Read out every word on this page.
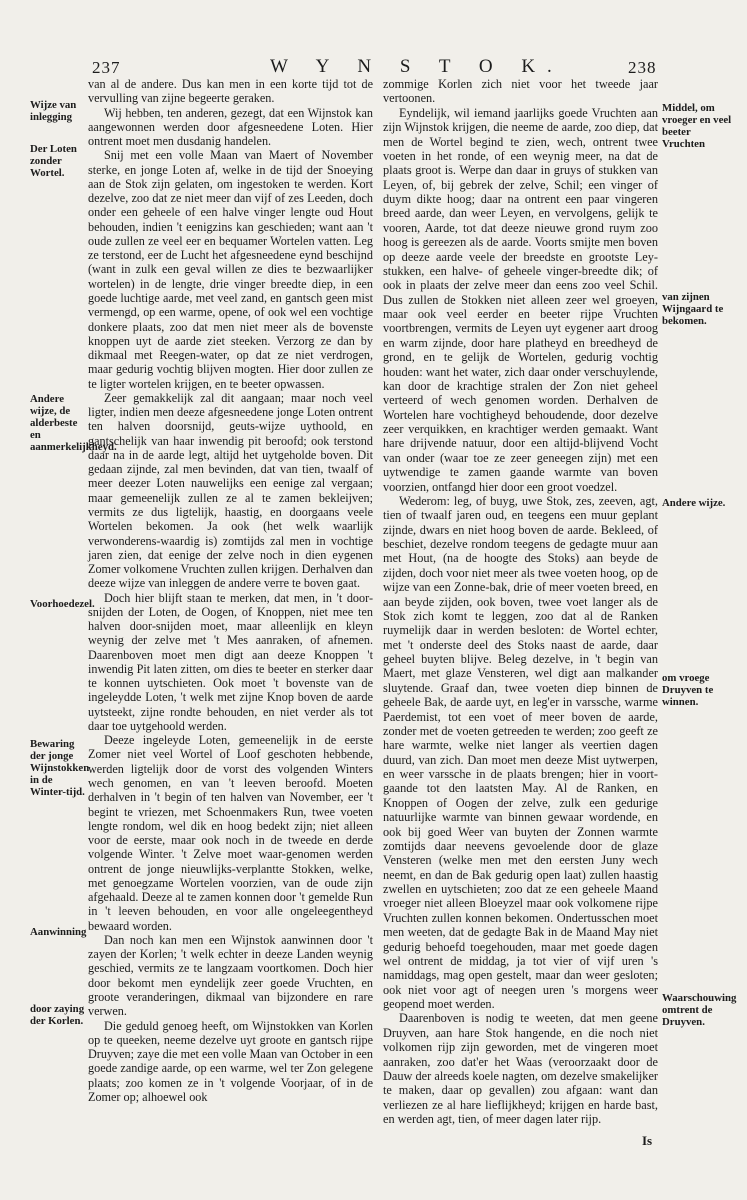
237	W Y N S T O K.	238
Wijze van inlegging
Der Loten zonder Wortel.
Andere wijze, de alderbeste en aanmerkelijkheyd.
Voorhoedezel.
Bewaring der jonge Wijnstokken in de Winter-tijd.
Aanwinning
door zaying der Korlen.
Middel, om vroeger en veel beeter Vruchten
van zijnen Wijngaard te bekomen.
Andere wijze.
om vroege Druyven te winnen.
Waarschouwing omtrent de Druyven.

van al de andere. Dus kan men in een korte tijd tot de vervulling van zijne begeerte geraken.

Wij hebben, ten anderen, gezegt, dat een Wijnstok kan aangewonnen werden door afgesneedene Loten. Hier ontrent moet men dusdanig handelen.

Snij met een volle Maan van Maert of November sterke, en jonge Loten af, welke in de tijd der Snoeying aan de Stok zijn gelaten, om ingestoken te werden. Kort dezelve, zoo dat ze niet meer dan vijf of zes Leeden, doch onder een geheele of een halve vinger lengte oud Hout behouden, indien 't eenigzins kan geschieden; want aan 't oude zullen ze veel eer en bequamer Wortelen vatten. Leg ze terstond, eer de Lucht het afgesneedene eynd beschijnd (want in zulk een geval willen ze dies te bezwaarlijker wortelen) in de lengte, drie vinger breedte diep, in een goede luchtige aarde, met veel zand, en gantsch geen mist vermengd, op een warme, opene, of ook wel een vochtige donkere plaats, zoo dat men niet meer als de bovenste knoppen uyt de aarde ziet steeken. Verzorg ze dan by dikmaal met Reegen-water, op dat ze niet verdrogen, maar gedurig vochtig blijven mogten. Hier door zullen ze te ligter wortelen krijgen, en te beeter opwassen.

Zeer gemakkelijk zal dit aangaan; maar noch veel ligter, indien men deeze afgesneedene jonge Loten ontrent ten halven doorsnijd, geuts-wijze uythoold, en gantschelijk van haar inwendig pit beroofd; ook terstond daar na in de aarde legt, altijd het uytgeholde boven. Dit gedaan zijnde, zal men bevinden, dat van tien, twaalf of meer deezer Loten nauwelijks een eenige zal vergaan; maar gemeenelijk zullen ze al te zamen bekleijven; vermits ze dus ligtelijk, haastig, en doorgaans veele Wortelen bekomen. Ja ook (het welk waarlijk verwonderens-waardig is) zomtijds zal men in vochtige jaren zien, dat eenige der zelve noch in dien eygenen Zomer volkomene Vruchten zullen krijgen. Derhalven dan deeze wijze van inleggen de andere verre te boven gaat.

Doch hier blijft staan te merken, dat men, in 't door-snijden der Loten, de Oogen, of Knoppen, niet mee ten halven door-snijden moet, maar alleenlijk en kleyn weynig der zelve met 't Mes aanraken, of afnemen. Daarenboven moet men digt aan deeze Knoppen 't inwendig Pit laten zitten, om dies te beeter en sterker daar te konnen uytschieten. Ook moet 't bovenste van de ingeleydde Loten, 't welk met zijne Knop boven de aarde uytsteekt, zijne rondte behouden, en niet verder als tot daar toe uytgehoold werden.

Deeze ingeleyde Loten, gemeenelijk in de eerste Zomer niet veel Wortel of Loof geschoten hebbende, werden ligtelijk door de vorst des volgenden Winters wech genomen, en van 't leeven beroofd. Moeten derhalven in 't begin of ten halven van November, eer 't begint te vriezen, met Schoenmakers Run, twee voeten lengte rondom, wel dik en hoog bedekt zijn; niet alleen voor de eerste, maar ook noch in de tweede en derde volgende Winter. 't Zelve moet waar-genomen werden ontrent de jonge nieuwlijks-verplantte Stokken, welke, met genoegzame Wortelen voorzien, van de oude zijn afgehaald. Deeze al te zamen konnen door 't gemelde Run in 't leeven behouden, en voor alle ongeleegentheyd bewaard worden.

Dan noch kan men een Wijnstok aanwinnen door 't zayen der Korlen; 't welk echter in deeze Landen weynig geschied, vermits ze te langzaam voortkomen. Doch hier door bekomt men eyndelijk zeer goede Vruchten, en groote veranderingen, dikmaal van bijzondere en rare verwen.

Die geduld genoeg heeft, om Wijnstokken van Korlen op te queeken, neeme dezelve uyt groote en gantsch rijpe Druyven; zaye die met een volle Maan van October in een goede zandige aarde, op een warme, wel ter Zon gelegene plaats; zoo komen ze in 't volgende Voorjaar, of in de Zomer op; alhoewel ook

zommige Korlen zich niet voor het tweede jaar vertoonen.

Eyndelijk, wil iemand jaarlijks goede Vruchten aan zijn Wijnstok krijgen, die neeme de aarde, zoo diep, dat men de Wortel begind te zien, wech, ontrent twee voeten in het ronde, of een weynig meer, na dat de plaats groot is. Werpe dan daar in gruys of stukken van Leyen, of, bij gebrek der zelve, Schil; een vinger of duym dikte hoog; daar na ontrent een paar vingeren breed aarde, dan weer Leyen, en vervolgens, gelijk te vooren, Aarde, tot dat deeze nieuwe grond ruym zoo hoog is gereezen als de aarde. Voorts smijte men boven op deeze aarde veele der breedste en grootste Ley-stukken, een halve- of geheele vinger-breedte dik; of ook in plaats der zelve meer dan eens zoo veel Schil. Dus zullen de Stokken niet alleen zeer wel groeyen, maar ook veel eerder en beeter rijpe Vruchten voortbrengen, vermits de Leyen uyt eygener aart droog en warm zijnde, door hare platheyd en breedheyd de grond, en te gelijk de Wortelen, gedurig vochtig houden: want het water, zich daar onder verschuylende, kan door de krachtige stralen der Zon niet geheel verteerd of wech genomen worden. Derhalven de Wortelen hare vochtigheyd behoudende, door dezelve zeer verquikken, en krachtiger werden gemaakt. Want hare drijvende natuur, door een altijd-blijvend Vocht van onder (waar toe ze zeer geneegen zijn) met een uytwendige te zamen gaande warmte van boven voorzien, ontfangd hier door een groot voedzel.

Wederom: leg, of buyg, uwe Stok, zes, zeeven, agt, tien of twaalf jaren oud, en teegens een muur geplant zijnde, dwars en niet hoog boven de aarde. Bekleed, of beschiet, dezelve rondom teegens de gedagte muur aan met Hout, (na de hoogte des Stoks) aan beyde de zijden, doch voor niet meer als twee voeten hoog, op de wijze van een Zonne-bak, drie of meer voeten breed, en aan beyde zijden, ook boven, twee voet langer als de Stok zich komt te leggen, zoo dat al de Ranken ruymelijk daar in werden besloten: de Wortel echter, met 't onderste deel des Stoks naast de aarde, daar geheel buyten blijve. Beleg dezelve, in 't begin van Maert, met glaze Vensteren, wel digt aan malkander sluytende. Graaf dan, twee voeten diep binnen de geheele Bak, de aarde uyt, en leg'er in varssche, warme Paerdemist, tot een voet of meer boven de aarde, zonder met de voeten getreeden te werden; zoo geeft ze hare warmte, welke niet langer als veertien dagen duurd, van zich. Dan moet men deeze Mist uytwerpen, en weer varssche in de plaats brengen; hier in voort-gaande tot den laatsten May. Al de Ranken, en Knoppen of Oogen der zelve, zulk een gedurige natuurlijke warmte van binnen gewaar wordende, en ook bij goed Weer van buyten der Zonnen warmte zomtijds daar neevens gevoelende door de glaze Vensteren (welke men met den eersten Juny wech neemt, en dan de Bak gedurig open laat) zullen haastig zwellen en uytschieten; zoo dat ze een geheele Maand vroeger niet alleen Bloeyzel maar ook volkomene rijpe Vruchten zullen konnen bekomen. Ondertusschen moet men weeten, dat de gedagte Bak in de Maand May niet gedurig behoefd toegehouden, maar met goede dagen wel ontrent de middag, ja tot vier of vijf uren 's namiddags, mag open gestelt, maar dan weer gesloten; ook niet voor agt of neegen uren 's morgens weer geopend moet werden.

Daarenboven is nodig te weeten, dat men geene Druyven, aan hare Stok hangende, en die noch niet volkomen rijp zijn geworden, met de vingeren moet aanraken, zoo dat'er het Waas (veroorzaakt door de Dauw der alreeds koele nagten, om dezelve smakelijker te maken, daar op gevallen) zou afgaan: want dan verliezen ze al hare lieflijkheyd; krijgen en harde bast, en werden agt, tien, of meer dagen later rijp.

Is
